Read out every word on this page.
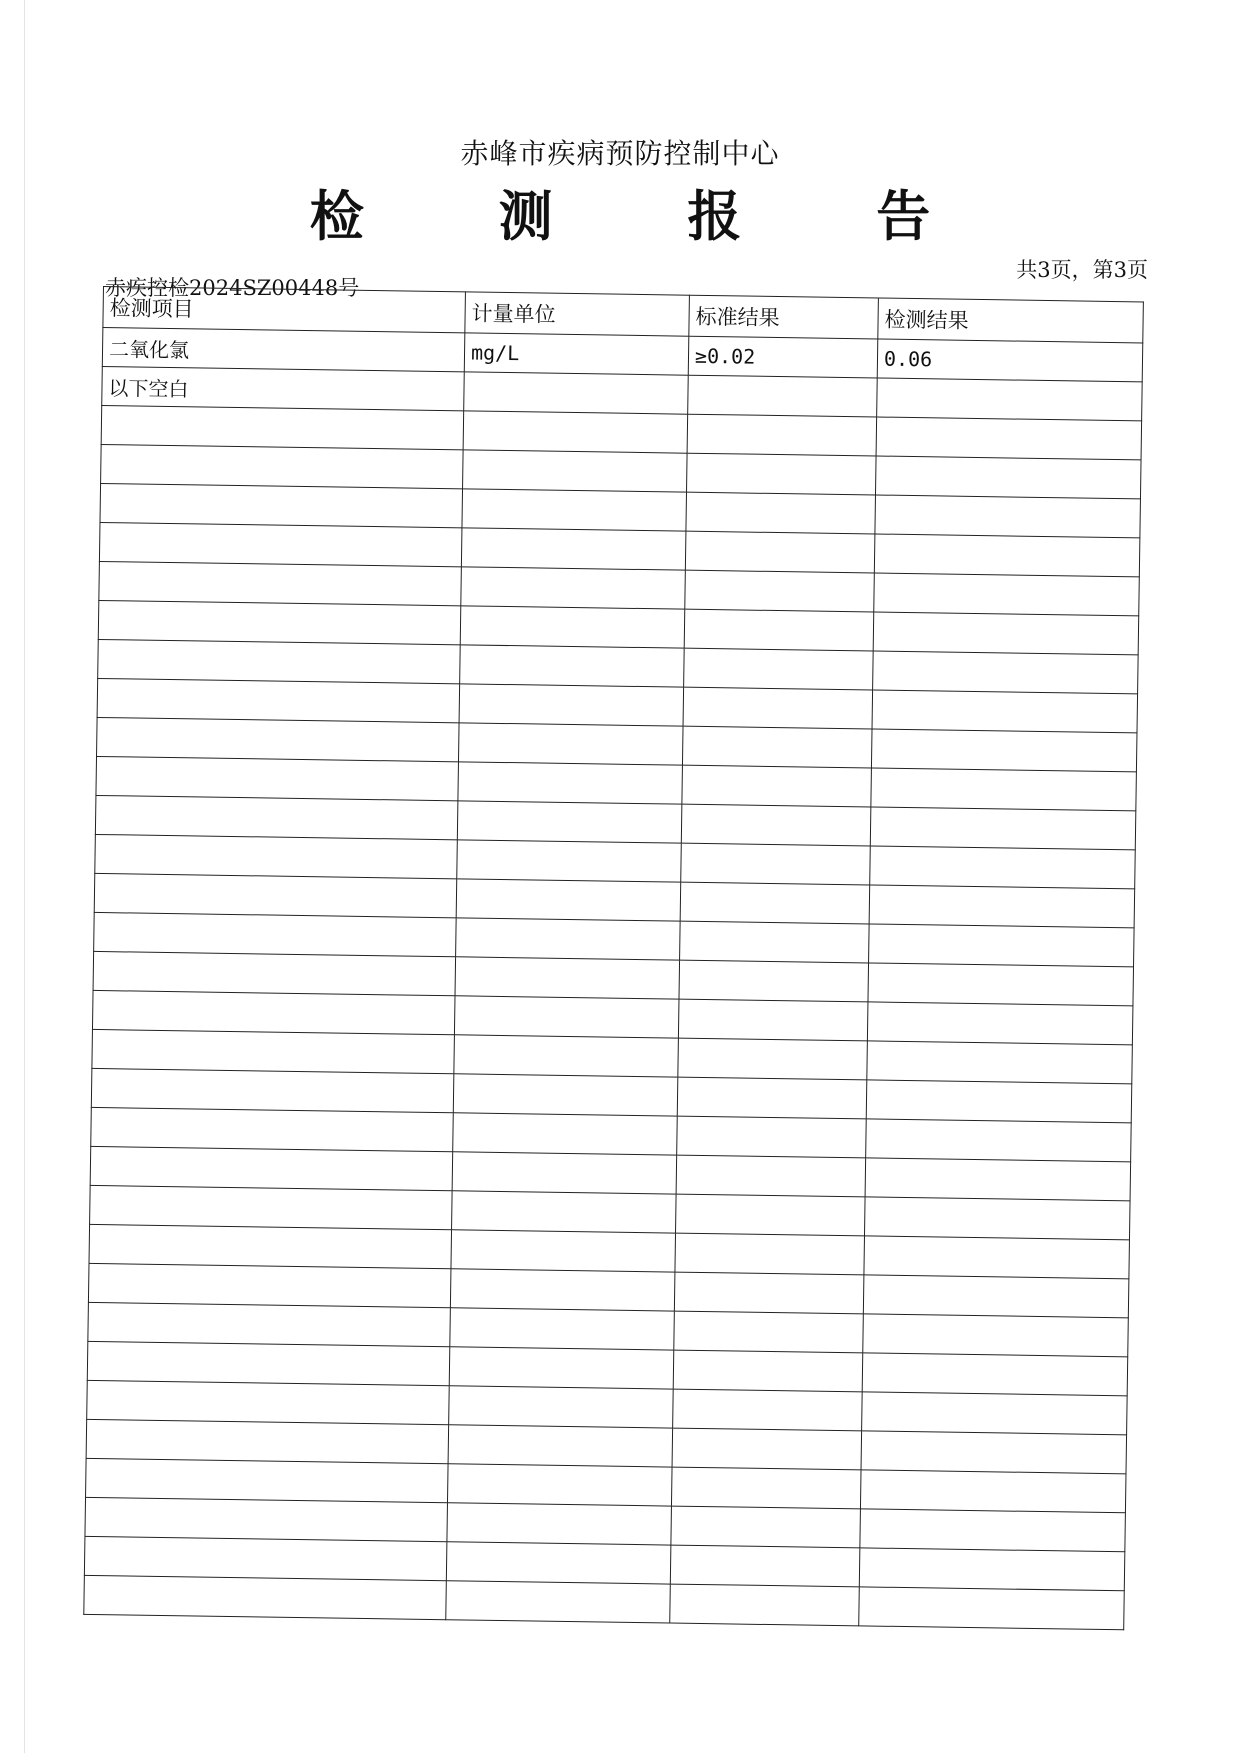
赤峰市疾病预防控制中心
检 测 报 告
赤疾控检2024SZ00448号
共3页，第3页
检测项目	计量单位	标准结果	检测结果
二氧化氯	mg/L	≥0.02	0.06
以下空白			
